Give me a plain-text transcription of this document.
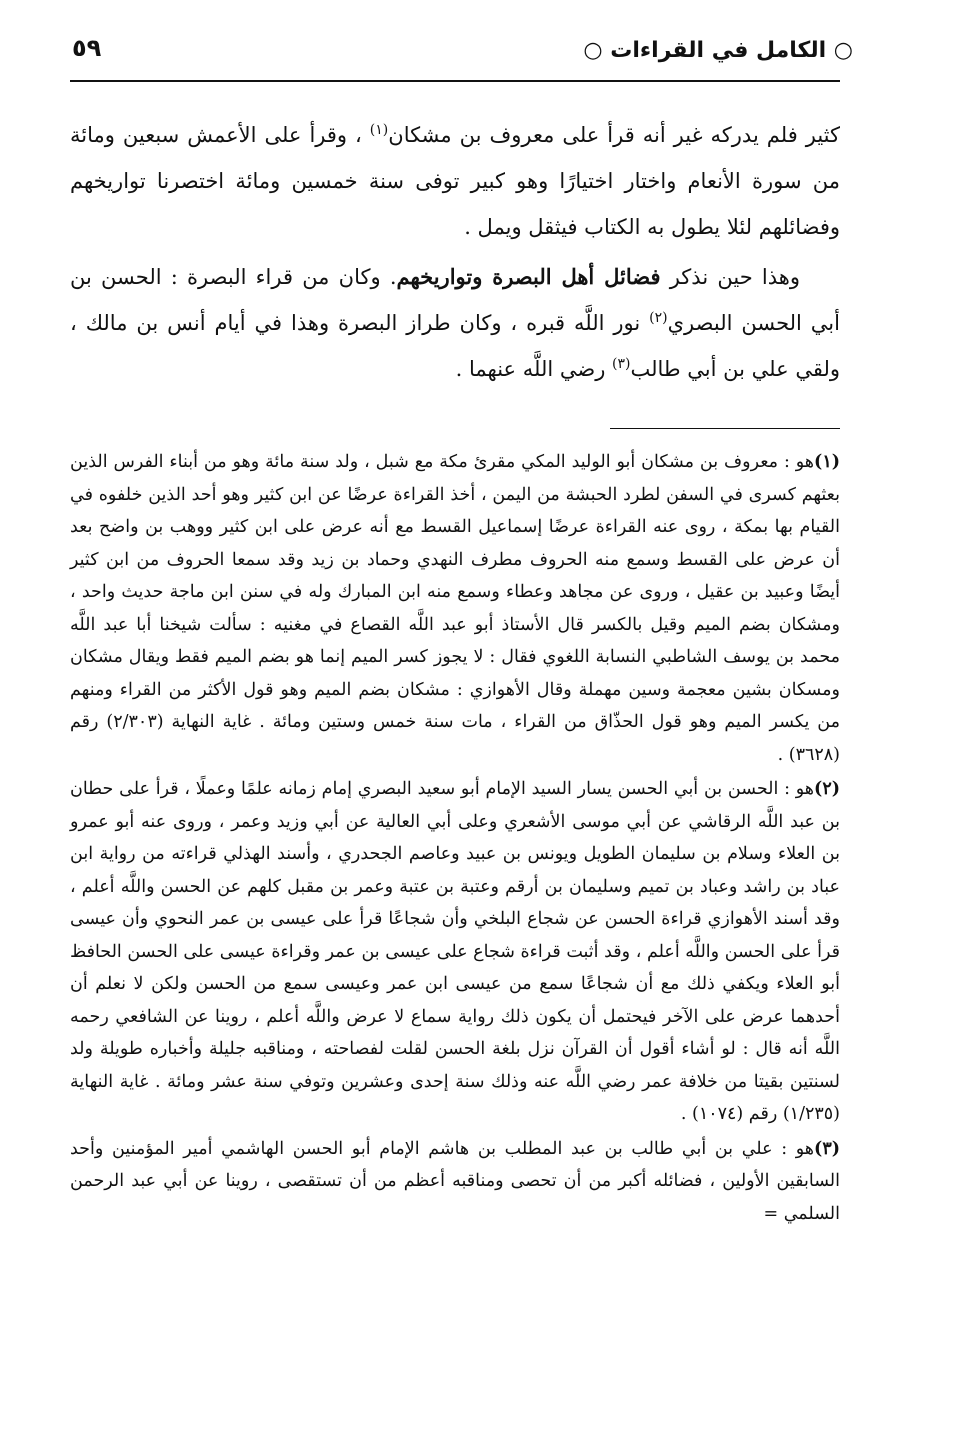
○ الكامل في القراءات ○
٥٩

كثير فلم يدركه غير أنه قرأ على معروف بن مشكان$^{(١)}$ ، وقرأ على الأعمش سبعين ومائة من سورة الأنعام واختار اختيارًا وهو كبير توفى سنة خمسين ومائة اختصرنا تواريخهم وفضائلهم لئلا يطول به الكتاب فيثقل ويمل .

وهذا حين نذكر فضائل أهل البصرة وتواريخهم. وكان من قراء البصرة : الحسن بن أبي الحسن البصري$^{(٢)}$ نور اللَّه قبره ، وكان طراز البصرة وهذا في أيام أنس بن مالك ، ولقي علي بن أبي طالب$^{(٣)}$ رضي اللَّه عنهما .

(١)هو : معروف بن مشكان أبو الوليد المكي مقرئ مكة مع شبل ، ولد سنة مائة وهو من أبناء الفرس الذين بعثهم كسرى في السفن لطرد الحبشة من اليمن ، أخذ القراءة عرضًا عن ابن كثير وهو أحد الذين خلفوه في القيام بها بمكة ، روى عنه القراءة عرضًا إسماعيل القسط مع أنه عرض على ابن كثير ووهب بن واضح بعد أن عرض على القسط وسمع منه الحروف مطرف النهدي وحماد بن زيد وقد سمعا الحروف من ابن كثير أيضًا وعبيد بن عقيل ، وروى عن مجاهد وعطاء وسمع منه ابن المبارك وله في سنن ابن ماجة حديث واحد ، ومشكان بضم الميم وقيل بالكسر قال الأستاذ أبو عبد اللَّه القصاع في مغنيه : سألت شيخنا أبا عبد اللَّه محمد بن يوسف الشاطبي النسابة اللغوي فقال : لا يجوز كسر الميم إنما هو بضم الميم فقط ويقال مشكان ومسكان بشين معجمة وسين مهملة وقال الأهوازي : مشكان بضم الميم وهو قول الأكثر من القراء ومنهم من يكسر الميم وهو قول الحذّاق من القراء ، مات سنة خمس وستين ومائة . غاية النهاية (٢/٣٠٣) رقم (٣٦٢٨) .

(٢)هو : الحسن بن أبي الحسن يسار السيد الإمام أبو سعيد البصري إمام زمانه علمًا وعملًا ، قرأ على حطان بن عبد اللَّه الرقاشي عن أبي موسى الأشعري وعلى أبي العالية عن أبي وزيد وعمر ، وروى عنه أبو عمرو بن العلاء وسلام بن سليمان الطويل ويونس بن عبيد وعاصم الجحدري ، وأسند الهذلي قراءته من رواية ابن عباد بن راشد وعباد بن تميم وسليمان بن أرقم وعتبة بن عتبة وعمر بن مقبل كلهم عن الحسن واللَّه أعلم ، وقد أسند الأهوازي قراءة الحسن عن شجاع البلخي وأن شجاعًا قرأ على عيسى بن عمر النحوي وأن عيسى قرأ على الحسن واللَّه أعلم ، وقد أثبت قراءة شجاع على عيسى بن عمر وقراءة عيسى على الحسن الحافظ أبو العلاء ويكفي ذلك مع أن شجاعًا سمع من عيسى ابن عمر وعيسى سمع من الحسن ولكن لا نعلم أن أحدهما عرض على الآخر فيحتمل أن يكون ذلك رواية سماع لا عرض واللَّه أعلم ، روينا عن الشافعي رحمه اللَّه أنه قال : لو أشاء أقول أن القرآن نزل بلغة الحسن لقلت لفصاحته ، ومناقبه جليلة وأخباره طويلة ولد لسنتين بقيتا من خلافة عمر رضي اللَّه عنه وذلك سنة إحدى وعشرين وتوفي سنة عشر ومائة . غاية النهاية (١/٢٣٥) رقم (١٠٧٤) .

(٣)هو : علي بن أبي طالب بن عبد المطلب بن هاشم الإمام أبو الحسن الهاشمي أمير المؤمنين وأحد السابقين الأولين ، فضائله أكبر من أن تحصى ومناقبه أعظم من أن تستقصى ، روينا عن أبي عبد الرحمن السلمي =
